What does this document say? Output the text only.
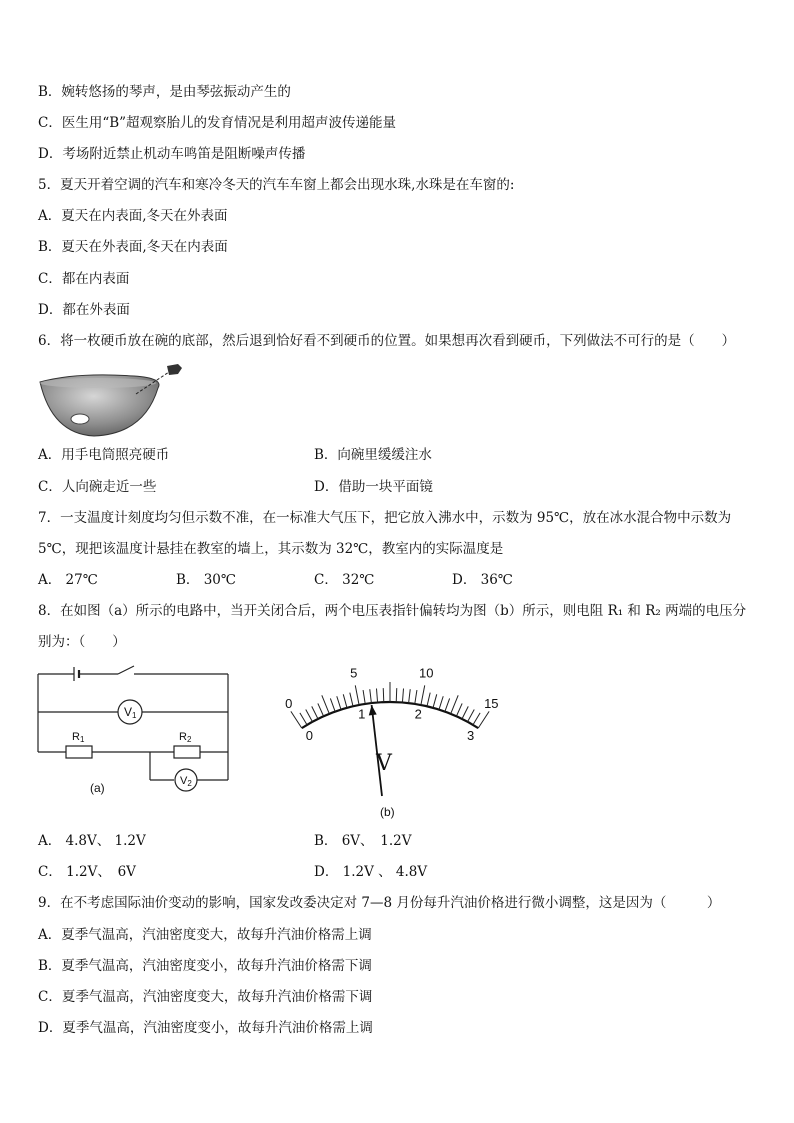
B．婉转悠扬的琴声，是由琴弦振动产生的
C．医生用“B”超观察胎儿的发育情况是利用超声波传递能量
D．考场附近禁止机动车鸣笛是阻断噪声传播
5．夏天开着空调的汽车和寒冷冬天的汽车车窗上都会出现水珠,水珠是在车窗的:
A．夏天在内表面,冬天在外表面
B．夏天在外表面,冬天在内表面
C．都在内表面
D．都在外表面
6．将一枚硬币放在碗的底部，然后退到恰好看不到硬币的位置。如果想再次看到硬币，下列做法不可行的是（　　）
A．用手电筒照亮硬币	B．向碗里缓缓注水
C．人向碗走近一些	D．借助一块平面镜
7．一支温度计刻度均匀但示数不准，在一标准大气压下，把它放入沸水中，示数为 95℃，放在冰水混合物中示数为
5℃，现把该温度计悬挂在教室的墙上，其示数为 32℃，教室内的实际温度是
A． 27℃	B． 30℃	C． 32℃	D． 36℃
8．在如图（a）所示的电路中，当开关闭合后，两个电压表指针偏转均为图（b）所示，则电阻 R₁ 和 R₂ 两端的电压分
别为：（　　）
V1
V2
R1	R2
(a)
0
5	10
15
0
1	2
3
V
(b)
A． 4.8V、 1.2V	B． 6V、　1.2V
C． 1.2V、　6V	D． 1.2V 、 4.8V
9．在不考虑国际油价变动的影响，国家发改委决定对 7—8 月份每升汽油价格进行微小调整，这是因为（　　　）
A．夏季气温高，汽油密度变大，故每升汽油价格需上调
B．夏季气温高，汽油密度变小，故每升汽油价格需下调
C．夏季气温高，汽油密度变大，故每升汽油价格需下调
D．夏季气温高，汽油密度变小，故每升汽油价格需上调
